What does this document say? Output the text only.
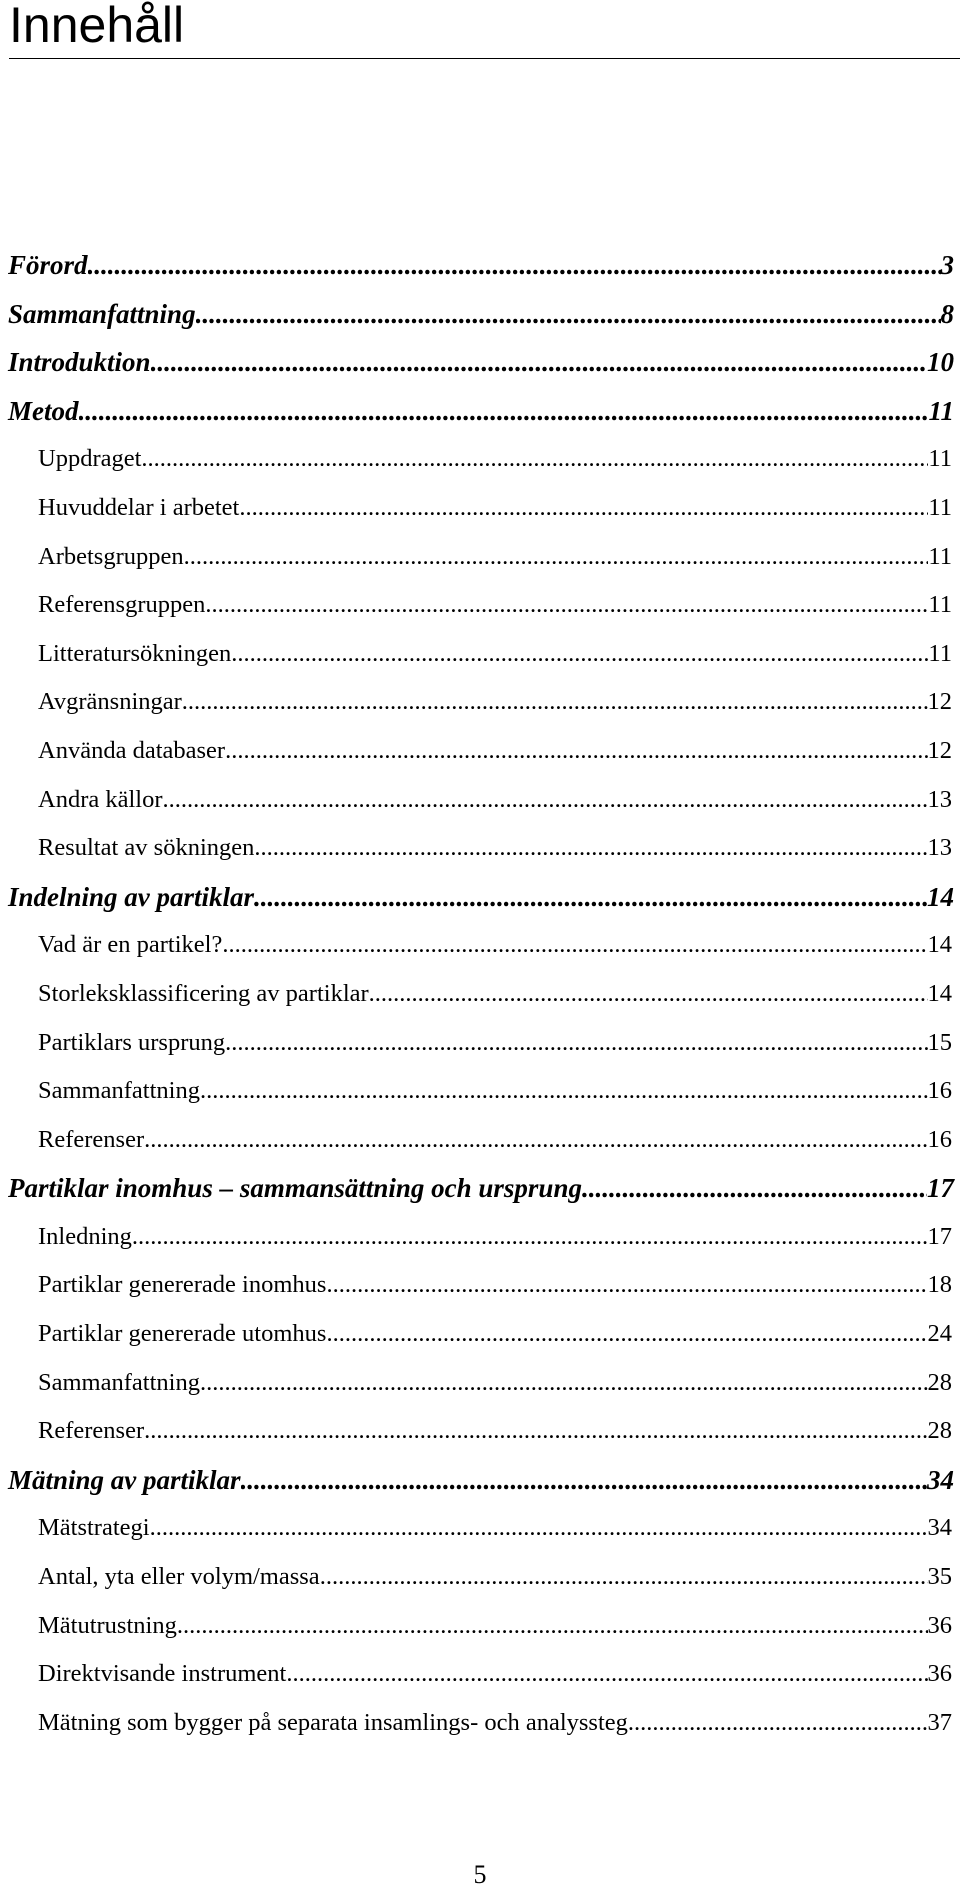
Innehåll
Förord .....	3
Sammanfattning .....	8
Introduktion .....	10
Metod .....	11
Uppdraget .....	11
Huvuddelar i arbetet .....	11
Arbetsgruppen .....	11
Referensgruppen .....	11
Litteratursökningen .....	11
Avgränsningar .....	12
Använda databaser .....	12
Andra källor .....	13
Resultat av sökningen .....	13
Indelning av partiklar .....	14
Vad är en partikel? .....	14
Storleksklassificering av partiklar .....	14
Partiklars ursprung .....	15
Sammanfattning .....	16
Referenser .....	16
Partiklar inomhus – sammansättning och ursprung .....	17
Inledning .....	17
Partiklar genererade inomhus .....	18
Partiklar genererade utomhus .....	24
Sammanfattning .....	28
Referenser .....	28
Mätning av partiklar .....	34
Mätstrategi .....	34
Antal, yta eller volym/massa .....	35
Mätutrustning .....	36
Direktvisande instrument .....	36
Mätning som bygger på separata insamlings- och analyssteg .....	37
5
